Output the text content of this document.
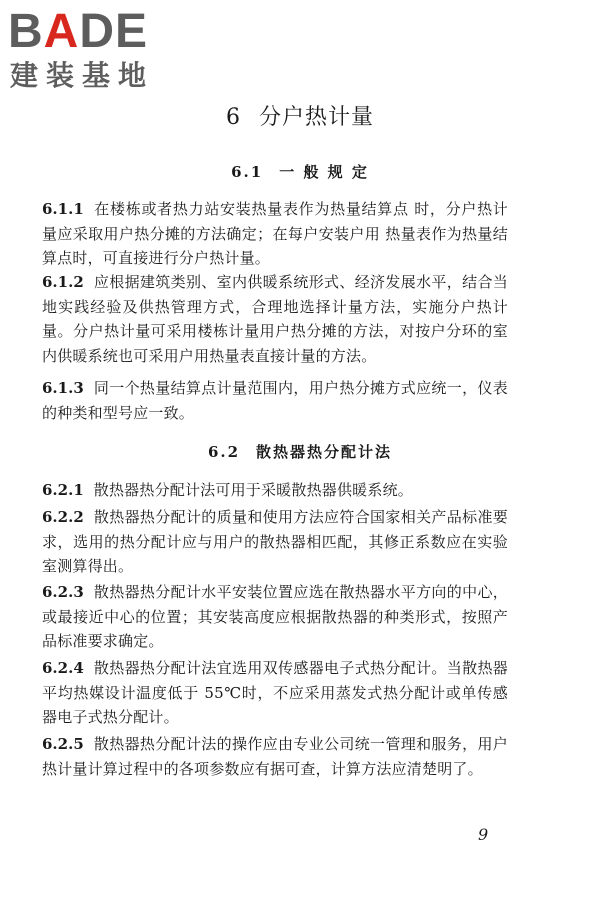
BADE
建装基地
6 分户热计量
6.1 一 般 规 定
6.1.1 在楼栋或者热力站安装热量表作为热量结算点 时，分户热计量应采取用户热分摊的方法确定；在每户安装户用 热量表作为热量结算点时，可直接进行分户热计量。
6.1.2 应根据建筑类别、室内供暖系统形式、经济发展水平，结合当地实践经验及供热管理方式，合理地选择计量方法，实施分户热计量。分户热计量可采用楼栋计量用户热分摊的方法，对按户分环的室内供暖系统也可采用户用热量表直接计量的方法。
6.1.3 同一个热量结算点计量范围内，用户热分摊方式应统一，仪表的种类和型号应一致。
6.2 散热器热分配计法
6.2.1 散热器热分配计法可用于采暖散热器供暖系统。
6.2.2 散热器热分配计的质量和使用方法应符合国家相关产品标准要求，选用的热分配计应与用户的散热器相匹配，其修正系数应在实验室测算得出。
6.2.3 散热器热分配计水平安装位置应选在散热器水平方向的中心，或最接近中心的位置；其安装高度应根据散热器的种类形式，按照产品标准要求确定。
6.2.4 散热器热分配计法宜选用双传感器电子式热分配计。当散热器平均热媒设计温度低于 55℃时，不应采用蒸发式热分配计或单传感器电子式热分配计。
6.2.5 散热器热分配计法的操作应由专业公司统一管理和服务，用户热计量计算过程中的各项参数应有据可查，计算方法应清楚明了。
9
